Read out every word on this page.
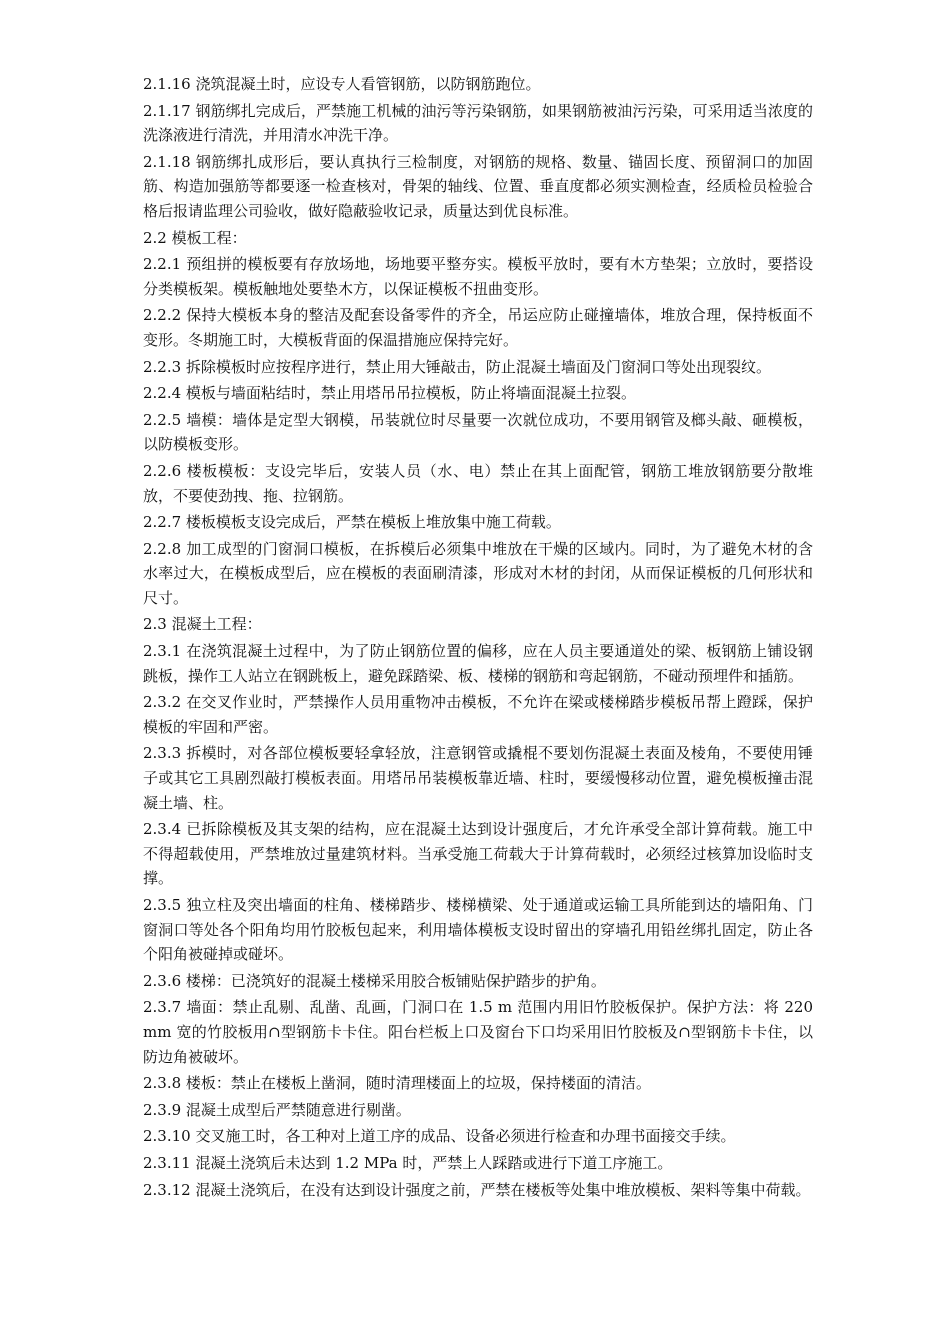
2.1.16 浇筑混凝土时，应设专人看管钢筋，以防钢筋跑位。

2.1.17 钢筋绑扎完成后，严禁施工机械的油污等污染钢筋，如果钢筋被油污污染，可采用适当浓度的洗涤液进行清洗，并用清水冲洗干净。

2.1.18 钢筋绑扎成形后，要认真执行三检制度，对钢筋的规格、数量、锚固长度、预留洞口的加固筋、构造加强筋等都要逐一检查核对，骨架的轴线、位置、垂直度都必须实测检查，经质检员检验合格后报请监理公司验收，做好隐蔽验收记录，质量达到优良标准。

2.2 模板工程：

2.2.1 预组拼的模板要有存放场地，场地要平整夯实。模板平放时，要有木方垫架；立放时，要搭设分类模板架。模板触地处要垫木方，以保证模板不扭曲变形。

2.2.2 保持大模板本身的整洁及配套设备零件的齐全，吊运应防止碰撞墙体，堆放合理，保持板面不变形。冬期施工时，大模板背面的保温措施应保持完好。

2.2.3 拆除模板时应按程序进行，禁止用大锤敲击，防止混凝土墙面及门窗洞口等处出现裂纹。

2.2.4 模板与墙面粘结时，禁止用塔吊吊拉模板，防止将墙面混凝土拉裂。

2.2.5 墙模：墙体是定型大钢模，吊装就位时尽量要一次就位成功，不要用钢管及榔头敲、砸模板，以防模板变形。

2.2.6 楼板模板：支设完毕后，安装人员（水、电）禁止在其上面配管，钢筋工堆放钢筋要分散堆放，不要使劲拽、拖、拉钢筋。

2.2.7 楼板模板支设完成后，严禁在模板上堆放集中施工荷载。

2.2.8 加工成型的门窗洞口模板，在拆模后必须集中堆放在干燥的区域内。同时，为了避免木材的含水率过大，在模板成型后，应在模板的表面刷清漆，形成对木材的封闭，从而保证模板的几何形状和尺寸。

2.3 混凝土工程：

2.3.1 在浇筑混凝土过程中，为了防止钢筋位置的偏移，应在人员主要通道处的梁、板钢筋上铺设钢跳板，操作工人站立在钢跳板上，避免踩踏梁、板、楼梯的钢筋和弯起钢筋，不碰动预埋件和插筋。

2.3.2 在交叉作业时，严禁操作人员用重物冲击模板，不允许在梁或楼梯踏步模板吊帮上蹬踩，保护模板的牢固和严密。

2.3.3 拆模时，对各部位模板要轻拿轻放，注意钢管或撬棍不要划伤混凝土表面及棱角，不要使用锤子或其它工具剧烈敲打模板表面。用塔吊吊装模板靠近墙、柱时，要缓慢移动位置，避免模板撞击混凝土墙、柱。

2.3.4 已拆除模板及其支架的结构，应在混凝土达到设计强度后，才允许承受全部计算荷载。施工中不得超载使用，严禁堆放过量建筑材料。当承受施工荷载大于计算荷载时，必须经过核算加设临时支撑。

2.3.5 独立柱及突出墙面的柱角、楼梯踏步、楼梯横梁、处于通道或运输工具所能到达的墙阳角、门窗洞口等处各个阳角均用竹胶板包起来，利用墙体模板支设时留出的穿墙孔用铅丝绑扎固定，防止各个阳角被碰掉或碰坏。

2.3.6 楼梯：已浇筑好的混凝土楼梯采用胶合板铺贴保护踏步的护角。

2.3.7 墙面：禁止乱剔、乱凿、乱画，门洞口在 1.5 m 范围内用旧竹胶板保护。保护方法：将 220 mm 宽的竹胶板用∩型钢筋卡卡住。阳台栏板上口及窗台下口均采用旧竹胶板及∩型钢筋卡卡住，以防边角被破坏。

2.3.8 楼板：禁止在楼板上凿洞，随时清理楼面上的垃圾，保持楼面的清洁。

2.3.9 混凝土成型后严禁随意进行剔凿。

2.3.10 交叉施工时，各工种对上道工序的成品、设备必须进行检查和办理书面接交手续。

2.3.11 混凝土浇筑后未达到 1.2 MPa 时，严禁上人踩踏或进行下道工序施工。

2.3.12 混凝土浇筑后，在没有达到设计强度之前，严禁在楼板等处集中堆放模板、架料等集中荷载。
